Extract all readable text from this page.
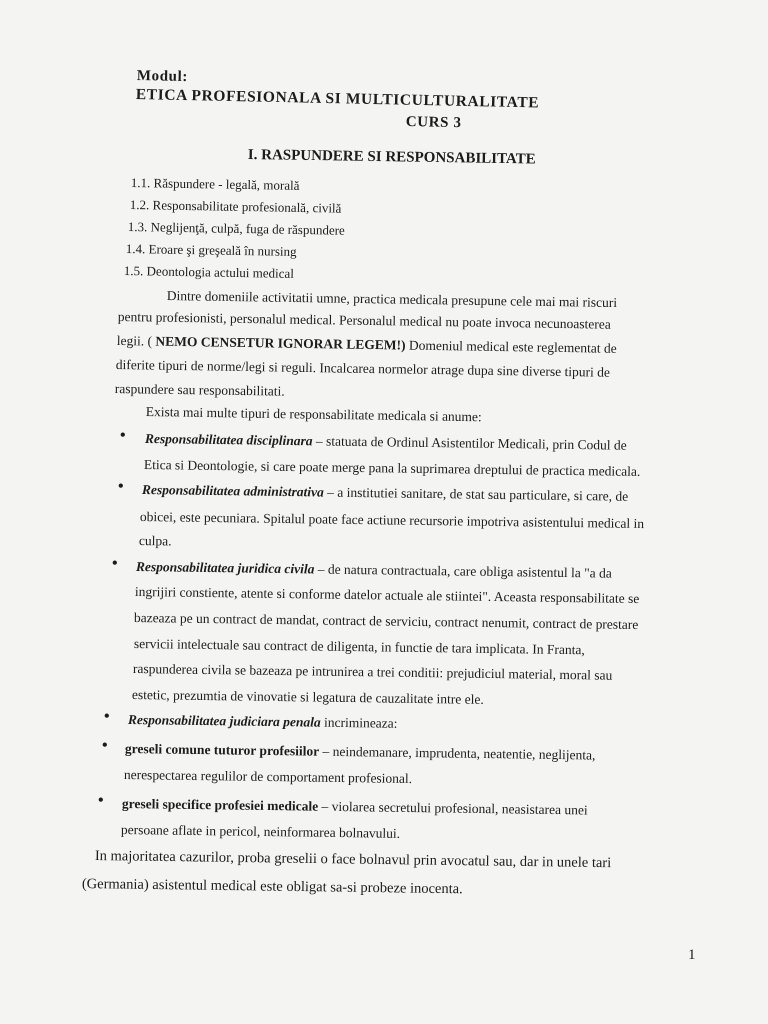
Modul:
ETICA PROFESIONALA SI MULTICULTURALITATE
CURS 3
I. RASPUNDERE SI RESPONSABILITATE
1.1. Răspundere - legală, morală
1.2. Responsabilitate profesională, civilă
1.3. Neglijenţă, culpă, fuga de răspundere
1.4. Eroare şi greşeală în nursing
1.5. Deontologia actului medical
Dintre domeniile activitatii umne, practica medicala presupune cele mai mai riscuri
pentru profesionisti, personalul medical. Personalul medical nu poate invoca necunoasterea
legii. ( NEMO CENSETUR IGNORAR LEGEM!) Domeniul medical este reglementat de
diferite tipuri de norme/legi si reguli. Incalcarea normelor atrage dupa sine diverse tipuri de
raspundere sau responsabilitati.
Exista mai multe tipuri de responsabilitate medicala si anume:
• Responsabilitatea disciplinara – statuata de Ordinul Asistentilor Medicali, prin Codul de
Etica si Deontologie, si care poate merge pana la suprimarea dreptului de practica medicala.
• Responsabilitatea administrativa – a institutiei sanitare, de stat sau particulare, si care, de
obicei, este pecuniara. Spitalul poate face actiune recursorie impotriva asistentului medical in
culpa.
• Responsabilitatea juridica civila – de natura contractuala, care obliga asistentul la "a da
ingrijiri constiente, atente si conforme datelor actuale ale stiintei". Aceasta responsabilitate se
bazeaza pe un contract de mandat, contract de serviciu, contract nenumit, contract de prestare
servicii intelectuale sau contract de diligenta, in functie de tara implicata. In Franta,
raspunderea civila se bazeaza pe intrunirea a trei conditii: prejudiciul material, moral sau
estetic, prezumtia de vinovatie si legatura de cauzalitate intre ele.
• Responsabilitatea judiciara penala incrimineaza:
• greseli comune tuturor profesiilor – neindemanare, imprudenta, neatentie, neglijenta,
nerespectarea regulilor de comportament profesional.
• greseli specifice profesiei medicale – violarea secretului profesional, neasistarea unei
persoane aflate in pericol, neinformarea bolnavului.
In majoritatea cazurilor, proba greselii o face bolnavul prin avocatul sau, dar in unele tari
(Germania) asistentul medical este obligat sa-si probeze inocenta.
1
